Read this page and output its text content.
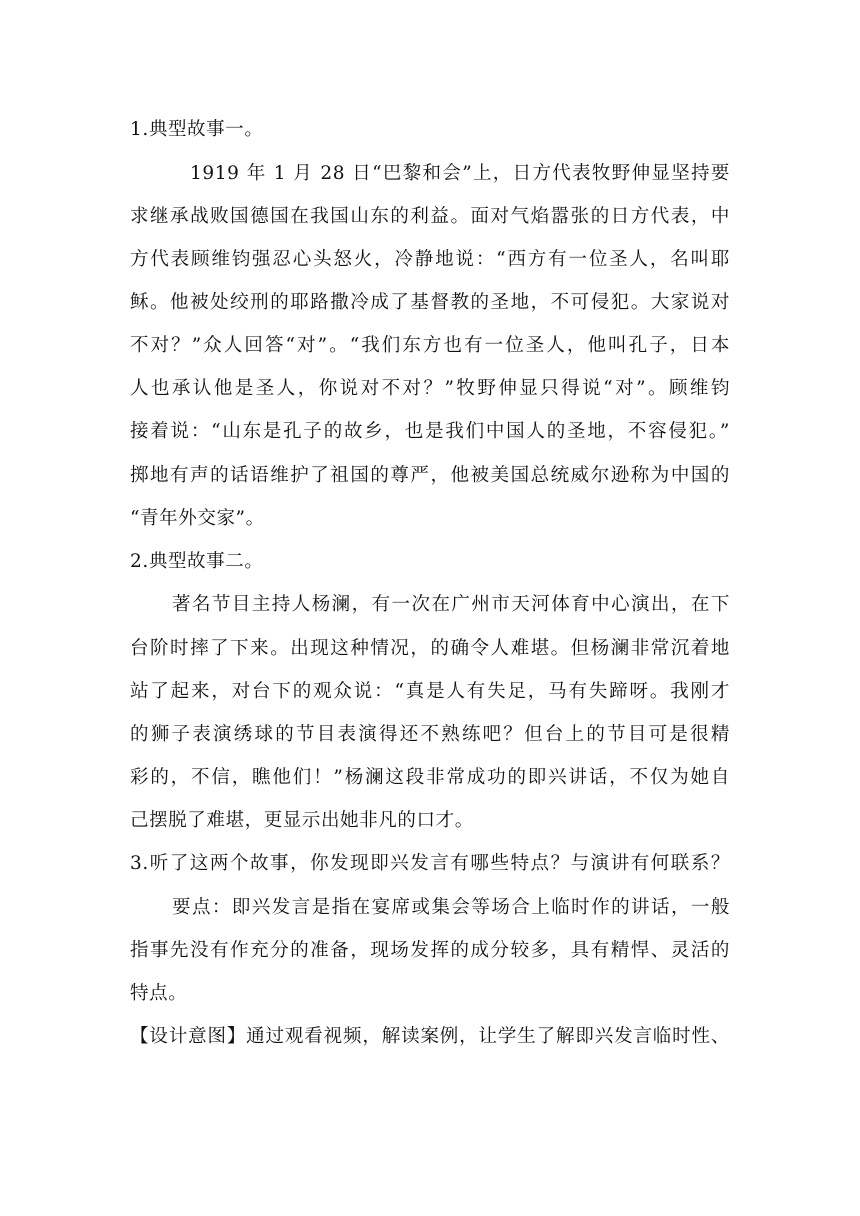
1.典型故事一。
1919 年 1 月 28 日“巴黎和会”上，日方代表牧野伸显坚持要
求继承战败国德国在我国山东的利益。面对气焰嚣张的日方代表，中
方代表顾维钧强忍心头怒火，冷静地说：“西方有一位圣人，名叫耶
稣。他被处绞刑的耶路撒冷成了基督教的圣地，不可侵犯。大家说对
不对？”众人回答“对”。“我们东方也有一位圣人，他叫孔子，日本
人也承认他是圣人，你说对不对？”牧野伸显只得说“对”。顾维钧
接着说：“山东是孔子的故乡，也是我们中国人的圣地，不容侵犯。”
掷地有声的话语维护了祖国的尊严，他被美国总统威尔逊称为中国的
“青年外交家”。
2.典型故事二。
著名节目主持人杨澜，有一次在广州市天河体育中心演出，在下
台阶时摔了下来。出现这种情况，的确令人难堪。但杨澜非常沉着地
站了起来，对台下的观众说：“真是人有失足，马有失蹄呀。我刚才
的狮子表演绣球的节目表演得还不熟练吧？但台上的节目可是很精
彩的，不信，瞧他们！”杨澜这段非常成功的即兴讲话，不仅为她自
己摆脱了难堪，更显示出她非凡的口才。
3.听了这两个故事，你发现即兴发言有哪些特点？与演讲有何联系？
要点：即兴发言是指在宴席或集会等场合上临时作的讲话，一般
指事先没有作充分的准备，现场发挥的成分较多，具有精悍、灵活的
特点。
【设计意图】通过观看视频，解读案例，让学生了解即兴发言临时性、
